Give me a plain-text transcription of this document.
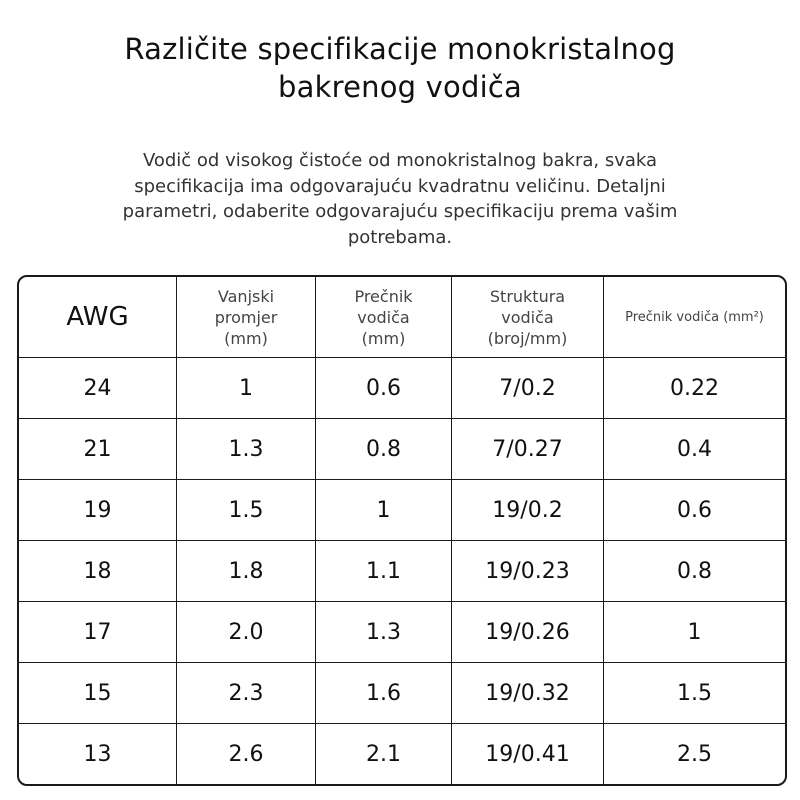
Različite specifikacije monokristalnog
bakrenog vodiča
Vodič od visokog čistoće od monokristalnog bakra, svaka
specifikacija ima odgovarajuću kvadratnu veličinu. Detaljni
parametri, odaberite odgovarajuću specifikaciju prema vašim
potrebama.
AWG	Vanjski
promjer
(mm)	Prečnik
vodiča
(mm)	Struktura
vodiča
(broj/mm)	Prečnik vodiča (mm²)
24	1	0.6	7/0.2	0.22
21	1.3	0.8	7/0.27	0.4
19	1.5	1	19/0.2	0.6
18	1.8	1.1	19/0.23	0.8
17	2.0	1.3	19/0.26	1
15	2.3	1.6	19/0.32	1.5
13	2.6	2.1	19/0.41	2.5
